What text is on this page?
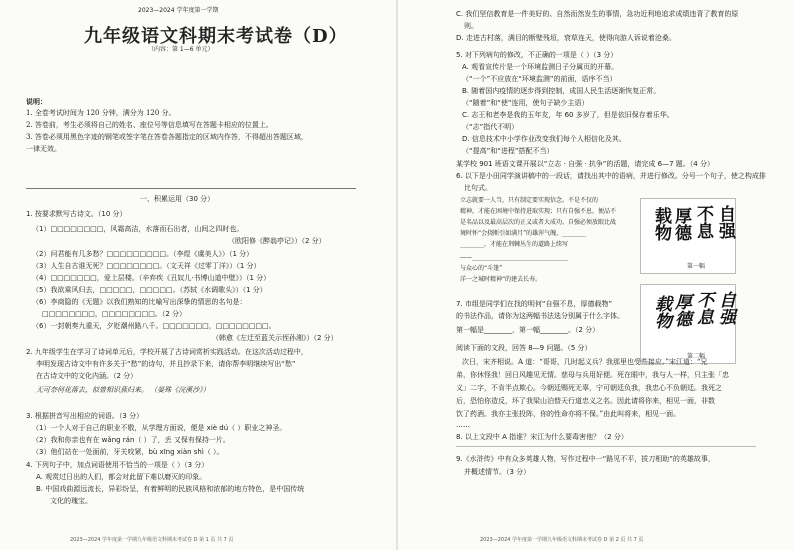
2023—2024 学年度第一学期
九年级语文科期末考试卷（D）
（内容：第 1—6 单元）
说明：
1. 全卷考试时间为 120 分钟，满分为 120 分。
2. 答卷前，考生必须将自己的姓名、座位号等信息填写在答题卡相应的位置上。
3. 答卷必须用黑色字迹的钢笔或签字笔在答卷各题指定的区域内作答，不得超出答题区域，
一律无效。
一、积累运用（30 分）
1. 按要求默写古诗文。（10 分）
（1）□□□□□□□□，风霜高洁，水落而石出者，山间之四时也。
（欧阳修《醉翁亭记》）（2 分）
（2）问君能有几多愁？□□□□□□□□□。（李煜《虞美人》）（1 分）
（3）人生自古谁无死？□□□□□□□□。（文天祥《过零丁洋》）（1 分）
（4）□□□□□□□，爱上层楼。（辛弃疾《丑奴儿·书博山道中壁》）（1 分）
（5）我欲乘风归去，□□□□□，□□□□□。（苏轼《水调歌头》）（1 分）
（6）李商隐的《无题》以我们熟知的比喻写出深挚的情思的名句是：
□□□□□□□□，□□□□□□□□。（2 分）
（6）一封朝奏九重天，夕贬潮州路八千。□□□□□□□，□□□□□□□□。
（韩愈《左迁至蓝关示侄孙湘》）（2 分）
2. 九年级学生在学习了诗词单元后，学校开展了古诗词赏析实践活动。在这次活动过程中，
李明发现古诗文中有许多关于“愁”的诗句，并且抄录下来，请你帮李明继续写出“愁”
在古诗文中的文化内涵。（2 分）
无可奈何花落去，似曾相识燕归来。 （晏殊《浣溪沙》）
3. 根据拼音写出相应的词语。（3 分）
（1）一个人对于自己的职业不敬，从学理方面说，便是 xiè dú（ ）职业之神圣。
（2）我和你亲也有在 wǎng rán（ ）了，丢 又保有保持一片。
（3）他们站在一处面前，牙关咬紧，bù xīng xiàn shì（ ）。
4. 下列句子中，加点词语使用不恰当的一项是（ ）（3 分）
A. 观赏过日出的人们，都会对此留下难以磨灭的印象。
B. 中国戏曲源远流长，异彩纷呈，有着鲜明的民族风格和浓郁的地方特色，是中国传统
文化的瑰宝。
2023—2024 学年度第一学期九年级语文科期末考试卷 D 第 1 页 共 7 页
C. 我们坚信教育是一件美好的、自然而然发生的事情，急功近利地追求成绩违背了教育的原
则。
D. 走进古村落，满目的断壁残垣，衰草连天，使得向游人诉说着沧桑。
5. 对下列病句的修改，不正确的一项是（ ）（3 分）
A. 观看宣传片是一个环境监测日子分属页的开幕。
（“一个”不应放在“环境监测”的前面，语序不当）
B. 随着国内疫情的逐步得到控制，成国人民生活逐渐恢复正常。
（“随着”和“使”连用，使句子缺少主语）
C. 志王和老李是我的玉年友，年 60 多岁了，但是依旧保存着乐华。
（“志”指代不明）
D. 信息技术中小学作业改变我们每个人相信化及其。
（“提高”和“进程”搭配不当）
某学校 901 班语文课开展以“立志 · 自强 · 抗争”的活题，请完成 6—7 题。（4 分）
6. 以下是小田同学演讲稿中的一段话，请找出其中的语病，并进行修改。分号一个句子，使之构成排
比句式。
立志就要一人当，只有制定要实现信念。不是不仅的
精神，才能在困境中保持进取实现；只有自强不息，便品不
是名品以及最高层次的正义或者大成功。自强必须放眼比战
境时怀“会挠断引如满月”的雄浑气魄，________
________，才能在荆棘丛生的道路上续写
——________________________________
与众心的“斗篷”
洋一之城时精神“的建去长寿。
7. 市组是同学们在找的明何“自强不息，厚德载物”
的书法作品，请你为这两幅书法选分别属于什么字体。
第一幅是________，第一幅________。（2 分）
载物 厚德 不息 自强
第一幅
载物 厚德 不息 自强
第二幅
阅读下面的文段，回答 8—9 问题。（5 分）
次日，宋齐相说。A 道：“哥哥，几时起义兵？我那里也受些接应。”宋江道：“兄
弟，你休怪我！回日风趣见无情。慈母与兵用好便。死在眼中，我与人一样，只主张「忠
义」二字，不肯半点欺心。今朝廷赐死无辜，宁可朝廷负我，我忠心不负朝廷。我死之
后，恐怕你造反，坏了我梁山泊替天行道忠义之名。因此请将你来，相见一面，非数
饮了药酒。我亦主张投阵，你的性命亦将不保。”由此叫将来，相见一面。
……
8. 以上文段中 A 指谁？宋江为什么要毒害他？（2 分）
9.《水浒传》中有众多英雄人物，写作过程中一“路见不平，拔刀相助”的英雄故事，
并概述情节。（3 分）
2023—2024 学年度第一学期九年级语文科期末考试卷 D 第 2 页 共 7 页
